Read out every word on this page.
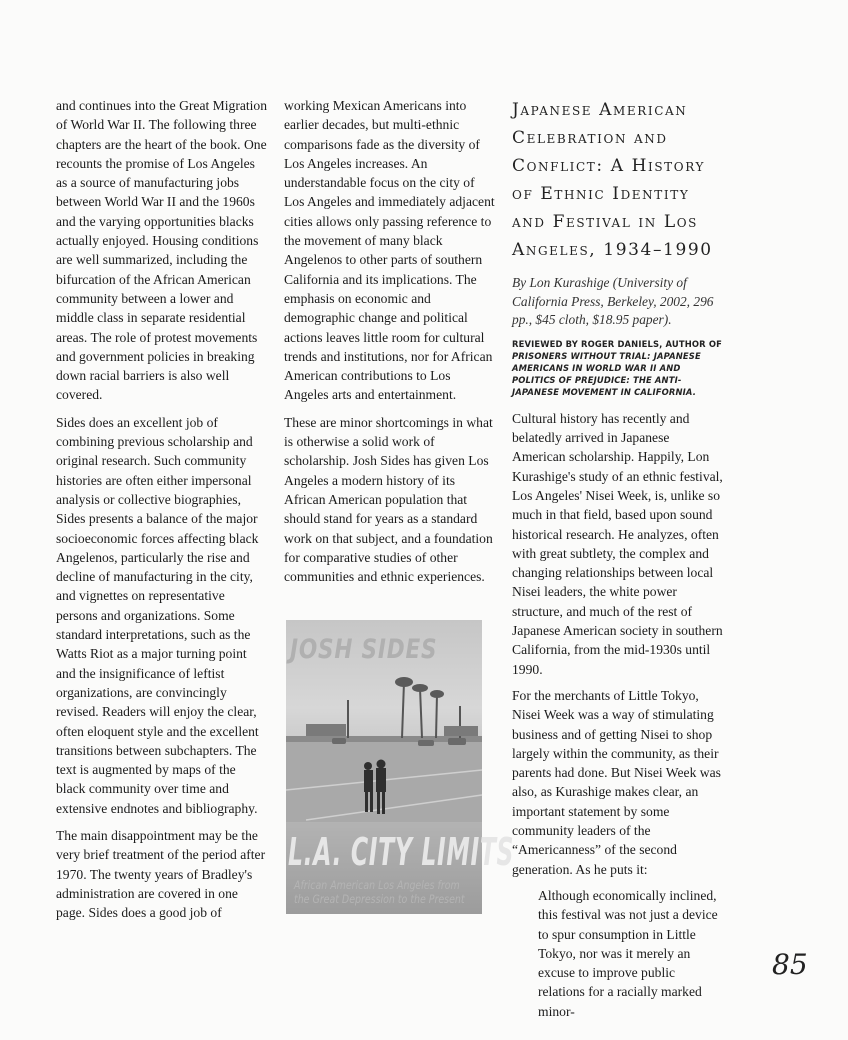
and continues into the Great Migration of World War II. The following three chapters are the heart of the book. One recounts the promise of Los Angeles as a source of manufacturing jobs between World War II and the 1960s and the varying opportunities blacks actually enjoyed. Housing conditions are well summarized, including the bifurcation of the African American community between a lower and middle class in separate residential areas. The role of protest movements and government policies in breaking down racial barriers is also well covered.

Sides does an excellent job of combining previous scholarship and original research. Such community histories are often either impersonal analysis or collective biographies, Sides presents a balance of the major socioeconomic forces affecting black Angelenos, particularly the rise and decline of manufacturing in the city, and vignettes on representative persons and organizations. Some standard interpretations, such as the Watts Riot as a major turning point and the insignificance of leftist organizations, are convincingly revised. Readers will enjoy the clear, often eloquent style and the excellent transitions between subchapters. The text is augmented by maps of the black community over time and extensive endnotes and bibliography.

The main disappointment may be the very brief treatment of the period after 1970. The twenty years of Bradley's administration are covered in one page. Sides does a good job of

working Mexican Americans into earlier decades, but multi-ethnic comparisons fade as the diversity of Los Angeles increases. An understandable focus on the city of Los Angeles and immediately adjacent cities allows only passing reference to the movement of many black Angelenos to other parts of southern California and its implications. The emphasis on economic and demographic change and political actions leaves little room for cultural trends and institutions, nor for African American contributions to Los Angeles arts and entertainment.

These are minor shortcomings in what is otherwise a solid work of scholarship. Josh Sides has given Los Angeles a modern history of its African American population that should stand for years as a standard work on that subject, and a foundation for comparative studies of other communities and ethnic experiences.

JOSH SIDES
L.A. CITY LIMITS
African American Los Angeles from
the Great Depression to the Present
Japanese American Celebration and Conflict: A History of Ethnic Identity and Festival in Los Angeles, 1934–1990
By Lon Kurashige (University of California Press, Berkeley, 2002, 296 pp., $45 cloth, $18.95 paper).
REVIEWED BY ROGER DANIELS, AUTHOR OF PRISONERS WITHOUT TRIAL: JAPANESE AMERICANS IN WORLD WAR II AND POLITICS OF PREJUDICE: THE ANTI-JAPANESE MOVEMENT IN CALIFORNIA.

Cultural history has recently and belatedly arrived in Japanese American scholarship. Happily, Lon Kurashige's study of an ethnic festival, Los Angeles' Nisei Week, is, unlike so much in that field, based upon sound historical research. He analyzes, often with great subtlety, the complex and changing relationships between local Nisei leaders, the white power structure, and much of the rest of Japanese American society in southern California, from the mid-1930s until 1990.

For the merchants of Little Tokyo, Nisei Week was a way of stimulating business and of getting Nisei to shop largely within the community, as their parents had done. But Nisei Week was also, as Kurashige makes clear, an important statement by some community leaders of the “Americanness” of the second generation. As he puts it:

Although economically inclined, this festival was not just a device to spur consumption in Little Tokyo, nor was it merely an excuse to improve public relations for a racially marked minor-

85
